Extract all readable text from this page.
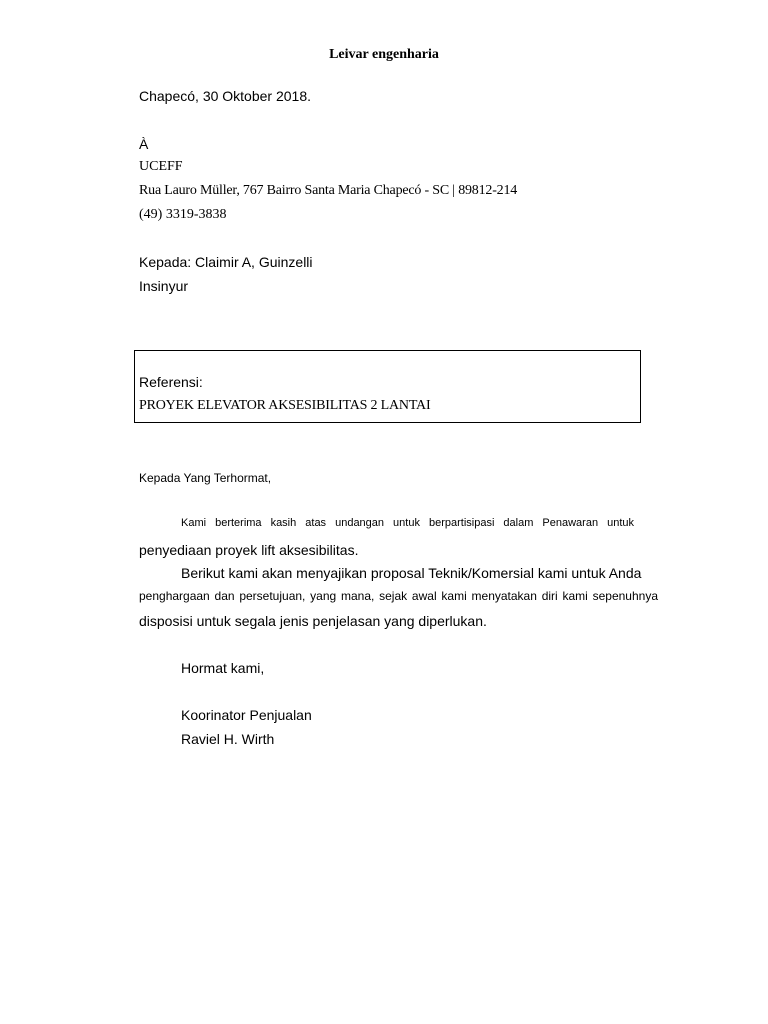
Leivar engenharia
Chapecó, 30 Oktober 2018.
À
UCEFF
Rua Lauro Müller, 767 Bairro Santa Maria Chapecó - SC | 89812-214
(49) 3319-3838
Kepada: Claimir A, Guinzelli
Insinyur
Referensi:
PROYEK ELEVATOR AKSESIBILITAS 2 LANTAI
Kepada Yang Terhormat,
Kami berterima kasih atas undangan untuk berpartisipasi dalam Penawaran untuk
penyediaan proyek lift aksesibilitas.
Berikut kami akan menyajikan proposal Teknik/Komersial kami untuk Anda
penghargaan dan persetujuan, yang mana, sejak awal kami menyatakan diri kami sepenuhnya
disposisi untuk segala jenis penjelasan yang diperlukan.
Hormat kami,
Koorinator Penjualan
Raviel H. Wirth
